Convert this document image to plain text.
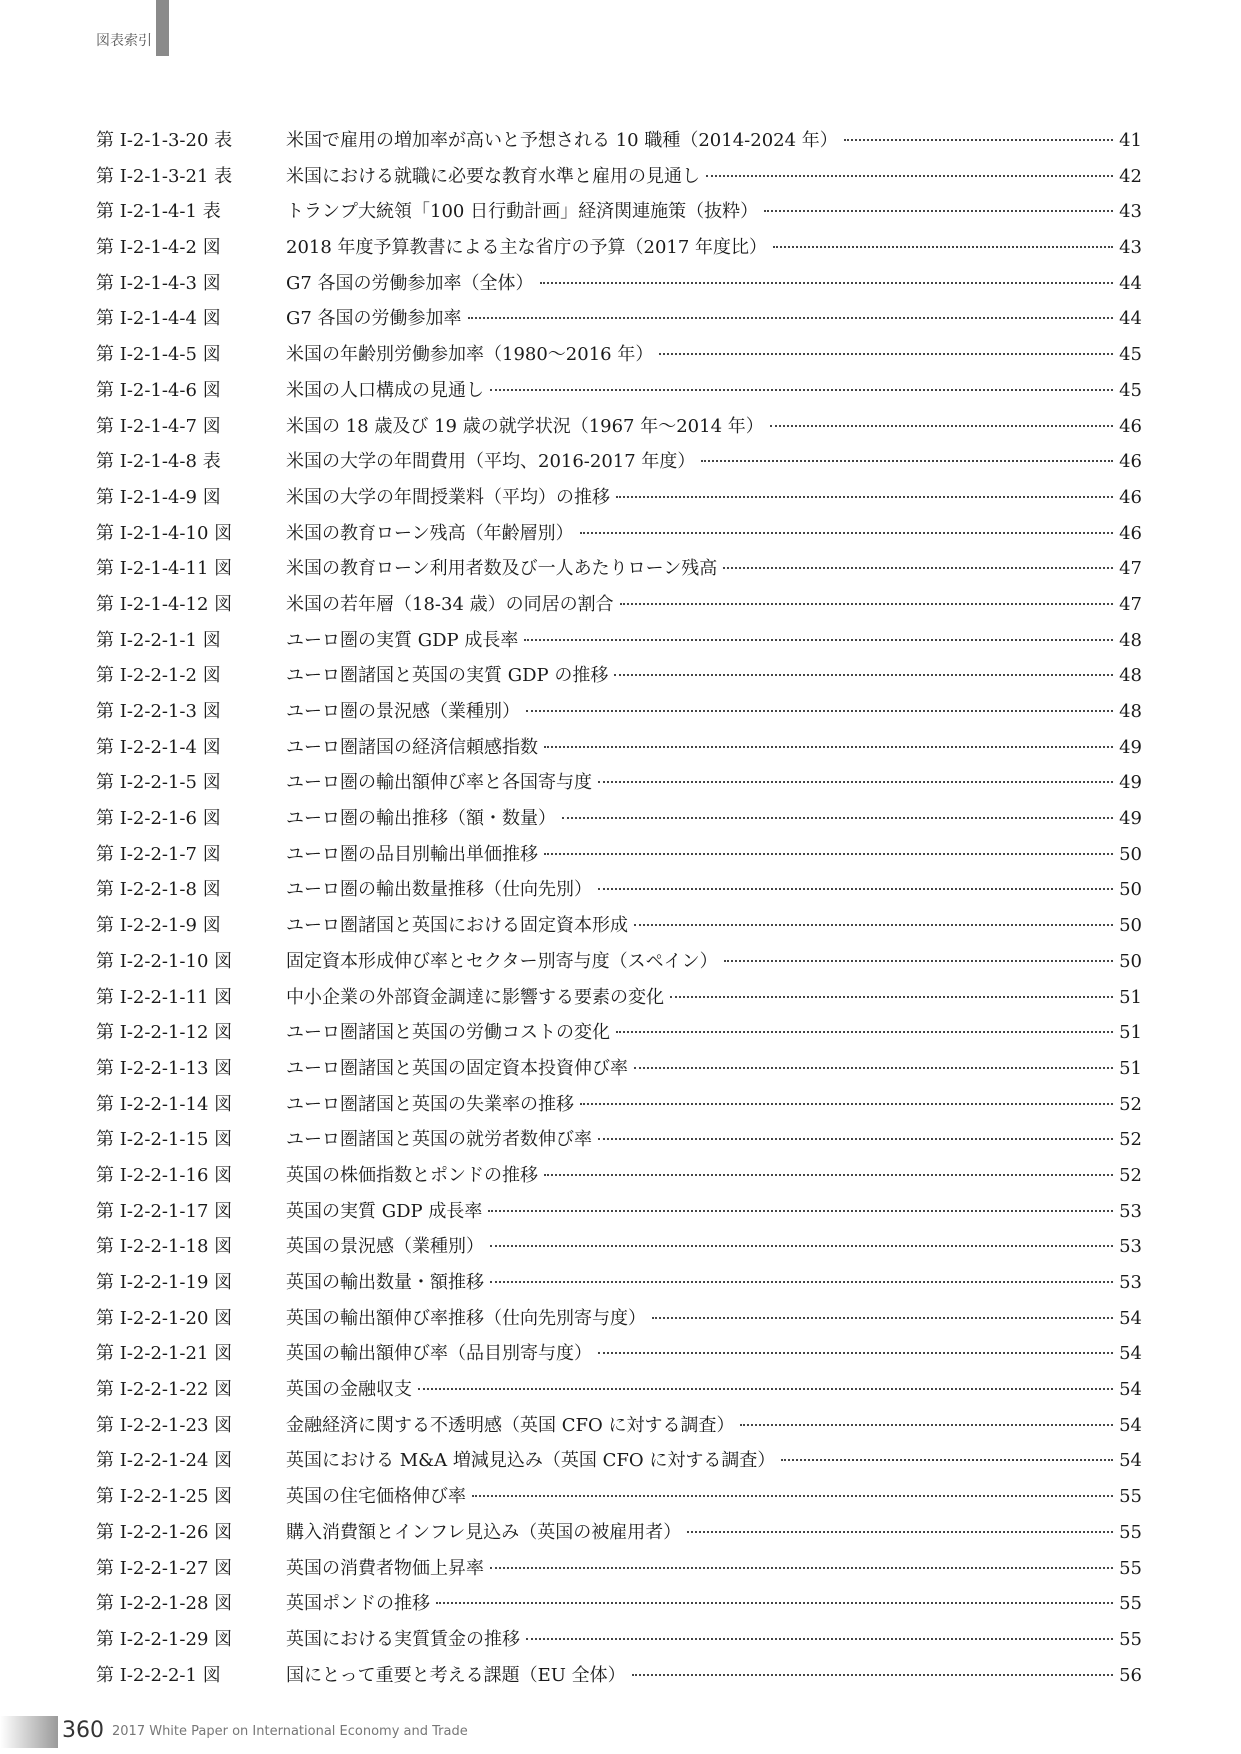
図表索引
第 I-2-1-3-20 表	米国で雇用の増加率が高いと予想される 10 職種（2014-2024 年）	41
第 I-2-1-3-21 表	米国における就職に必要な教育水準と雇用の見通し	42
第 I-2-1-4-1 表	トランプ大統領「100 日行動計画」経済関連施策（抜粋）	43
第 I-2-1-4-2 図	2018 年度予算教書による主な省庁の予算（2017 年度比）	43
第 I-2-1-4-3 図	G7 各国の労働参加率（全体）	44
第 I-2-1-4-4 図	G7 各国の労働参加率	44
第 I-2-1-4-5 図	米国の年齢別労働参加率（1980～2016 年）	45
第 I-2-1-4-6 図	米国の人口構成の見通し	45
第 I-2-1-4-7 図	米国の 18 歳及び 19 歳の就学状況（1967 年～2014 年）	46
第 I-2-1-4-8 表	米国の大学の年間費用（平均、2016-2017 年度）	46
第 I-2-1-4-9 図	米国の大学の年間授業料（平均）の推移	46
第 I-2-1-4-10 図	米国の教育ローン残高（年齢層別）	46
第 I-2-1-4-11 図	米国の教育ローン利用者数及び一人あたりローン残高	47
第 I-2-1-4-12 図	米国の若年層（18-34 歳）の同居の割合	47
第 I-2-2-1-1 図	ユーロ圏の実質 GDP 成長率	48
第 I-2-2-1-2 図	ユーロ圏諸国と英国の実質 GDP の推移	48
第 I-2-2-1-3 図	ユーロ圏の景況感（業種別）	48
第 I-2-2-1-4 図	ユーロ圏諸国の経済信頼感指数	49
第 I-2-2-1-5 図	ユーロ圏の輸出額伸び率と各国寄与度	49
第 I-2-2-1-6 図	ユーロ圏の輸出推移（額・数量）	49
第 I-2-2-1-7 図	ユーロ圏の品目別輸出単価推移	50
第 I-2-2-1-8 図	ユーロ圏の輸出数量推移（仕向先別）	50
第 I-2-2-1-9 図	ユーロ圏諸国と英国における固定資本形成	50
第 I-2-2-1-10 図	固定資本形成伸び率とセクター別寄与度（スペイン）	50
第 I-2-2-1-11 図	中小企業の外部資金調達に影響する要素の変化	51
第 I-2-2-1-12 図	ユーロ圏諸国と英国の労働コストの変化	51
第 I-2-2-1-13 図	ユーロ圏諸国と英国の固定資本投資伸び率	51
第 I-2-2-1-14 図	ユーロ圏諸国と英国の失業率の推移	52
第 I-2-2-1-15 図	ユーロ圏諸国と英国の就労者数伸び率	52
第 I-2-2-1-16 図	英国の株価指数とポンドの推移	52
第 I-2-2-1-17 図	英国の実質 GDP 成長率	53
第 I-2-2-1-18 図	英国の景況感（業種別）	53
第 I-2-2-1-19 図	英国の輸出数量・額推移	53
第 I-2-2-1-20 図	英国の輸出額伸び率推移（仕向先別寄与度）	54
第 I-2-2-1-21 図	英国の輸出額伸び率（品目別寄与度）	54
第 I-2-2-1-22 図	英国の金融収支	54
第 I-2-2-1-23 図	金融経済に関する不透明感（英国 CFO に対する調査）	54
第 I-2-2-1-24 図	英国における M&A 増減見込み（英国 CFO に対する調査）	54
第 I-2-2-1-25 図	英国の住宅価格伸び率	55
第 I-2-2-1-26 図	購入消費額とインフレ見込み（英国の被雇用者）	55
第 I-2-2-1-27 図	英国の消費者物価上昇率	55
第 I-2-2-1-28 図	英国ポンドの推移	55
第 I-2-2-1-29 図	英国における実質賃金の推移	55
第 I-2-2-2-1 図	国にとって重要と考える課題（EU 全体）	56
360 2017 White Paper on International Economy and Trade
